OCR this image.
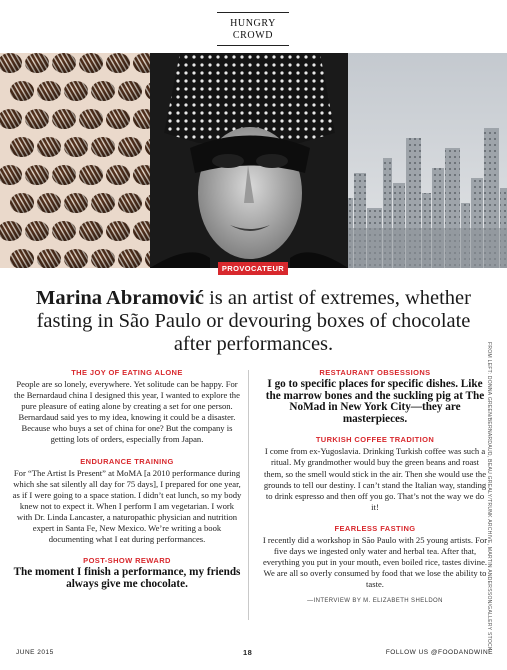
HUNGRY
CROWD
PROVOCATEUR
Marina Abramović is an artist of extremes, whether fasting in São Paulo or devouring boxes of chocolate after performances.
THE JOY OF EATING ALONE

People are so lonely, everywhere. Yet solitude can be happy. For the Bernardaud china I designed this year, I wanted to explore the pure pleasure of eating alone by creating a set for one person. Bernardaud said yes to my idea, knowing it could be a disaster. Because who buys a set of china for one? But the company is getting lots of orders, especially from Japan.

ENDURANCE TRAINING

For “The Artist Is Present” at MoMA [a 2010 performance during which she sat silently all day for 75 days], I prepared for one year, as if I were going to a space station. I didn’t eat lunch, so my body knew not to expect it. When I perform I am vegetarian. I work with Dr. Linda Lancaster, a naturopathic physician and nutrition expert in Santa Fe, New Mexico. We’re writing a book documenting what I eat during performances.

POST-SHOW REWARD
The moment I finish a performance, my friends always give me chocolate.
RESTAURANT OBSESSIONS
I go to specific places for specific dishes. Like the marrow bones and the suckling pig at The NoMad in New York City—they are masterpieces.
TURKISH COFFEE TRADITION

I come from ex-Yugoslavia. Drinking Turkish coffee was such a ritual. My grandmother would buy the green beans and roast them, so the smell would stick in the air. Then she would use the grounds to tell our destiny. I can’t stand the Italian way, standing to drink espresso and then off you go. That’s not the way we do it!

FEARLESS FASTING

I recently did a workshop in São Paulo with 25 young artists. For five days we ingested only water and herbal tea. After that, everything you put in your mouth, even boiled rice, tastes divine. We are all so overly consumed by food that we lose the ability to taste.

—INTERVIEW BY M. ELIZABETH SHELDON	FROM LEFT: DONNA GREEN/BERNARDAUD, BEAU GREALY/TRUNK ARCHIVE, MARTIN ANDERSSON/GALLERY STOCK
JUNE 2015	18	FOLLOW US @FOODANDWINE
